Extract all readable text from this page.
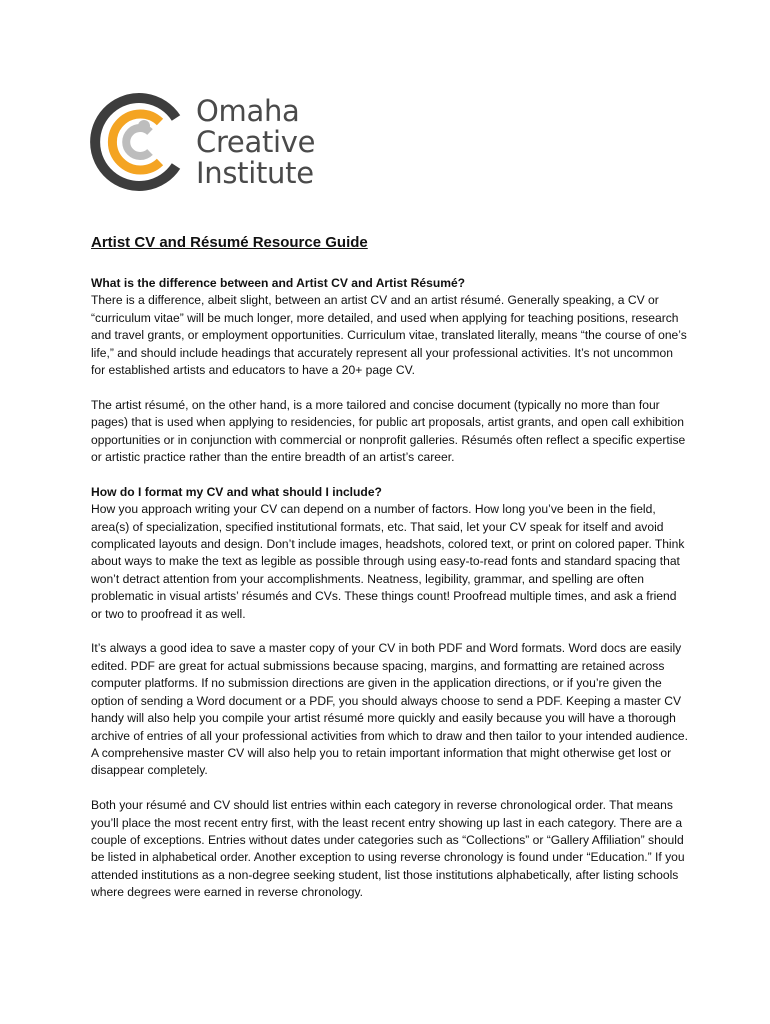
Omaha
Creative
Institute
Artist CV and Résumé Resource Guide
What is the difference between and Artist CV and Artist Résumé?

There is a difference, albeit slight, between an artist CV and an artist résumé. Generally speaking, a CV or “curriculum vitae” will be much longer, more detailed, and used when applying for teaching positions, research and travel grants, or employment opportunities. Curriculum vitae, translated literally, means “the course of one’s life,” and should include headings that accurately represent all your professional activities. It’s not uncommon for established artists and educators to have a 20+ page CV.

The artist résumé, on the other hand, is a more tailored and concise document (typically no more than four pages) that is used when applying to residencies, for public art proposals, artist grants, and open call exhibition opportunities or in conjunction with commercial or nonprofit galleries. Résumés often reflect a specific expertise or artistic practice rather than the entire breadth of an artist’s career.

How do I format my CV and what should I include?

How you approach writing your CV can depend on a number of factors. How long you’ve been in the field, area(s) of specialization, specified institutional formats, etc. That said, let your CV speak for itself and avoid complicated layouts and design. Don’t include images, headshots, colored text, or print on colored paper. Think about ways to make the text as legible as possible through using easy-to-read fonts and standard spacing that won’t detract attention from your accomplishments. Neatness, legibility, grammar, and spelling are often problematic in visual artists’ résumés and CVs. These things count! Proofread multiple times, and ask a friend or two to proofread it as well.

It’s always a good idea to save a master copy of your CV in both PDF and Word formats. Word docs are easily edited. PDF are great for actual submissions because spacing, margins, and formatting are retained across computer platforms. If no submission directions are given in the application directions, or if you’re given the option of sending a Word document or a PDF, you should always choose to send a PDF. Keeping a master CV handy will also help you compile your artist résumé more quickly and easily because you will have a thorough archive of entries of all your professional activities from which to draw and then tailor to your intended audience. A comprehensive master CV will also help you to retain important information that might otherwise get lost or disappear completely.

Both your résumé and CV should list entries within each category in reverse chronological order. That means you’ll place the most recent entry first, with the least recent entry showing up last in each category. There are a couple of exceptions. Entries without dates under categories such as “Collections” or “Gallery Affiliation” should be listed in alphabetical order. Another exception to using reverse chronology is found under “Education.” If you attended institutions as a non-degree seeking student, list those institutions alphabetically, after listing schools where degrees were earned in reverse chronology.
